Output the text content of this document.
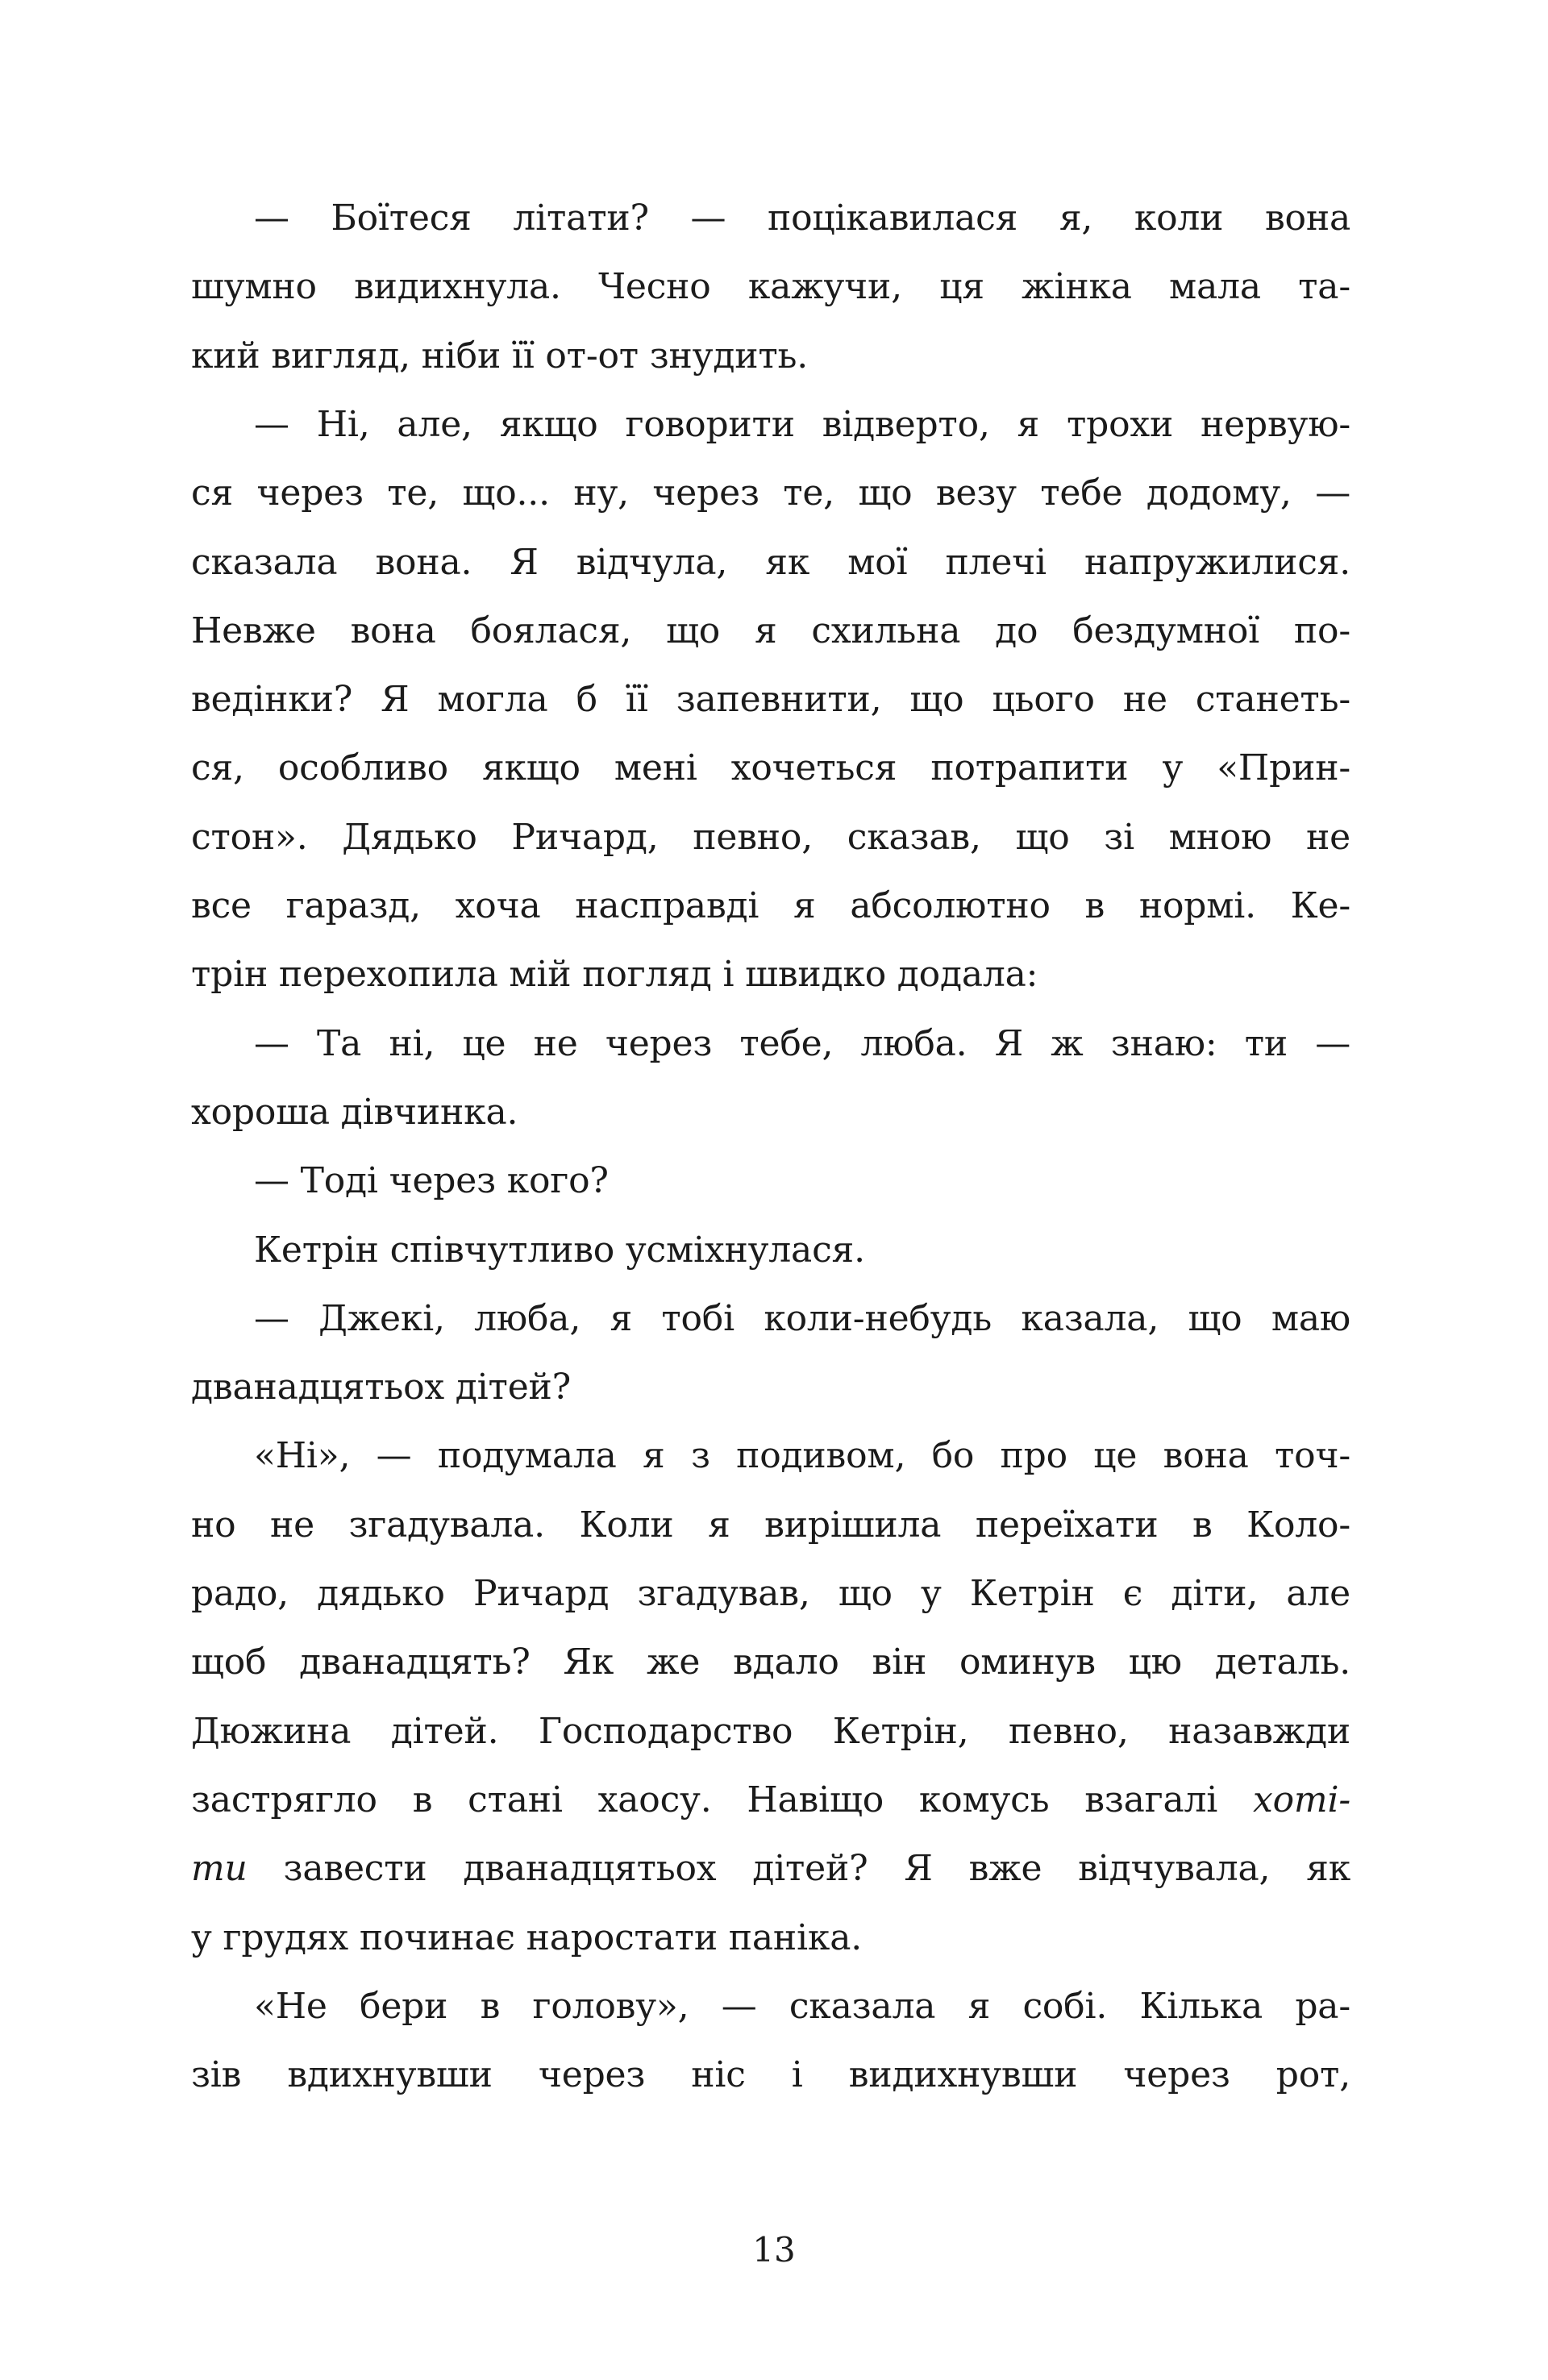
— Боїтеся літати? — поцікавилася я, коли вона
шумно видихнула. Чесно кажучи, ця жінка мала та-
кий вигляд, ніби її от-от знудить.
— Ні, але, якщо говорити відверто, я трохи нервую-
ся через те, що... ну, через те, що везу тебе додому, —
сказала вона. Я відчула, як мої плечі напружилися.
Невже вона боялася, що я схильна до бездумної по-
ведінки? Я могла б її запевнити, що цього не станеть-
ся, особливо якщо мені хочеться потрапити у «Прин-
стон». Дядько Ричард, певно, сказав, що зі мною не
все гаразд, хоча насправді я абсолютно в нормі. Ке-
трін перехопила мій погляд і швидко додала:
— Та ні, це не через тебе, люба. Я ж знаю: ти —
хороша дівчинка.
— Тоді через кого?
Кетрін співчутливо усміхнулася.
— Джекі, люба, я тобі коли-небудь казала, що маю
дванадцятьох дітей?
«Ні», — подумала я з подивом, бо про це вона точ-
но не згадувала. Коли я вирішила переїхати в Коло-
радо, дядько Ричард згадував, що у Кетрін є діти, але
щоб дванадцять? Як же вдало він оминув цю деталь.
Дюжина дітей. Господарство Кетрін, певно, назавжди
застрягло в стані хаосу. Навіщо комусь взагалі хоті-
ти завести дванадцятьох дітей? Я вже відчувала, як
у грудях починає наростати паніка.
«Не бери в голову», — сказала я собі. Кілька ра-
зів вдихнувши через ніс і видихнувши через рот,
13
